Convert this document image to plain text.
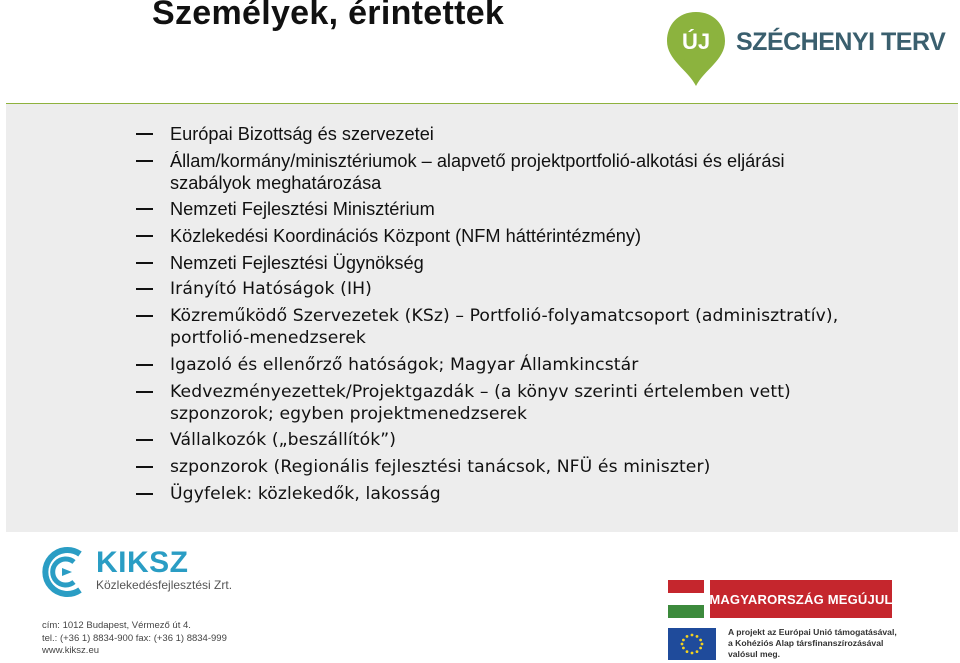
Személyek, érintettek
ÚJ SZÉCHENYI TERV
Európai Bizottság és szervezetei
Állam/kormány/minisztériumok – alapvető projektportfolió-alkotási és eljárási
szabályok meghatározása
Nemzeti Fejlesztési Minisztérium
Közlekedési Koordinációs Központ (NFM háttérintézmény)
Nemzeti Fejlesztési Ügynökség
Irányító Hatóságok (IH)
Közreműködő Szervezetek (KSz) – Portfolió-folyamatcsoport (adminisztratív),
portfolió-menedzserek
Igazoló és ellenőrző hatóságok; Magyar Államkincstár
Kedvezményezettek/Projektgazdák – (a könyv szerinti értelemben vett)
szponzorok; egyben projektmenedzserek
Vállalkozók („beszállítók”)
szponzorok (Regionális fejlesztési tanácsok, NFÜ és miniszter)
Ügyfelek: közlekedők, lakosság
KIKSZ
Közlekedésfejlesztési Zrt.
cím: 1012 Budapest, Vérmező út 4.
tel.: (+36 1) 8834-900 fax: (+36 1) 8834-999
www.kiksz.eu
MAGYARORSZÁG MEGÚJUL
A projekt az Európai Unió támogatásával,
a Kohéziós Alap társfinanszírozásával
valósul meg.
